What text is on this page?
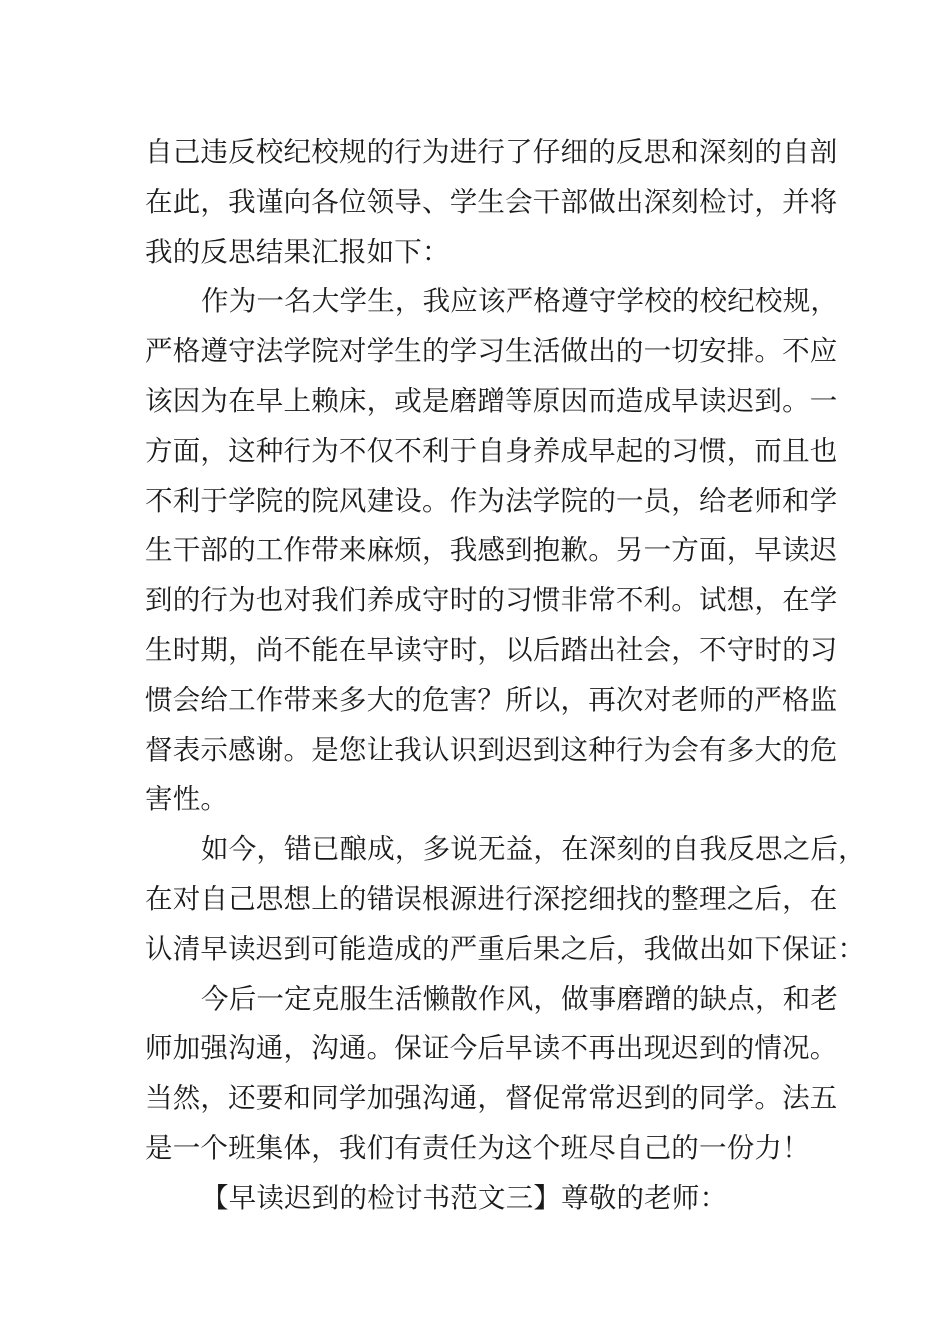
自己违反校纪校规的行为进行了仔细的反思和深刻的自剖
在此，我谨向各位领导、学生会干部做出深刻检讨，并将
我的反思结果汇报如下：
作为一名大学生，我应该严格遵守学校的校纪校规，
严格遵守法学院对学生的学习生活做出的一切安排。不应
该因为在早上赖床，或是磨蹭等原因而造成早读迟到。一
方面，这种行为不仅不利于自身养成早起的习惯，而且也
不利于学院的院风建设。作为法学院的一员，给老师和学
生干部的工作带来麻烦，我感到抱歉。另一方面，早读迟
到的行为也对我们养成守时的习惯非常不利。试想，在学
生时期，尚不能在早读守时，以后踏出社会，不守时的习
惯会给工作带来多大的危害？所以，再次对老师的严格监
督表示感谢。是您让我认识到迟到这种行为会有多大的危
害性。
如今，错已酿成，多说无益，在深刻的自我反思之后，
在对自己思想上的错误根源进行深挖细找的整理之后，在
认清早读迟到可能造成的严重后果之后，我做出如下保证：
今后一定克服生活懒散作风，做事磨蹭的缺点，和老
师加强沟通，沟通。保证今后早读不再出现迟到的情况。
当然，还要和同学加强沟通，督促常常迟到的同学。法五
是一个班集体，我们有责任为这个班尽自己的一份力！
【早读迟到的检讨书范文三】尊敬的老师：
